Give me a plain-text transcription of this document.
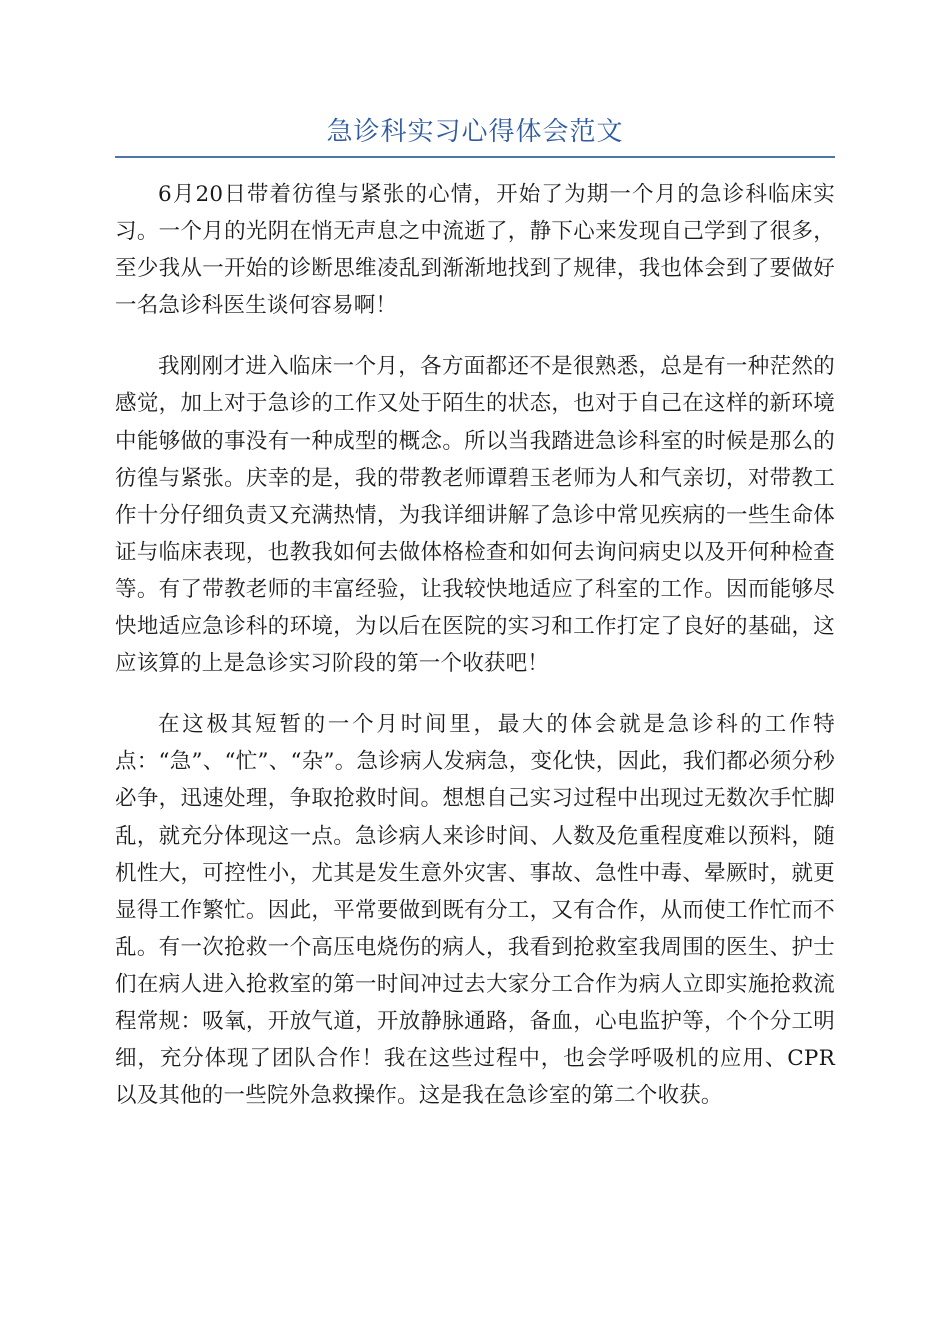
急诊科实习心得体会范文

6月20日带着彷徨与紧张的心情，开始了为期一个月的急诊科临床实习。一个月的光阴在悄无声息之中流逝了，静下心来发现自己学到了很多，至少我从一开始的诊断思维凌乱到渐渐地找到了规律，我也体会到了要做好一名急诊科医生谈何容易啊！

我刚刚才进入临床一个月，各方面都还不是很熟悉，总是有一种茫然的感觉，加上对于急诊的工作又处于陌生的状态，也对于自己在这样的新环境中能够做的事没有一种成型的概念。所以当我踏进急诊科室的时候是那么的彷徨与紧张。庆幸的是，我的带教老师谭碧玉老师为人和气亲切，对带教工作十分仔细负责又充满热情，为我详细讲解了急诊中常见疾病的一些生命体证与临床表现，也教我如何去做体格检查和如何去询问病史以及开何种检查等。有了带教老师的丰富经验，让我较快地适应了科室的工作。因而能够尽快地适应急诊科的环境，为以后在医院的实习和工作打定了良好的基础，这应该算的上是急诊实习阶段的第一个收获吧！

在这极其短暂的一个月时间里，最大的体会就是急诊科的工作特点：“急”、“忙”、“杂”。急诊病人发病急，变化快，因此，我们都必须分秒必争，迅速处理，争取抢救时间。想想自己实习过程中出现过无数次手忙脚乱，就充分体现这一点。急诊病人来诊时间、人数及危重程度难以预料，随机性大，可控性小，尤其是发生意外灾害、事故、急性中毒、晕厥时，就更显得工作繁忙。因此，平常要做到既有分工，又有合作，从而使工作忙而不乱。有一次抢救一个高压电烧伤的病人，我看到抢救室我周围的医生、护士们在病人进入抢救室的第一时间冲过去大家分工合作为病人立即实施抢救流程常规：吸氧，开放气道，开放静脉通路，备血，心电监护等，个个分工明细，充分体现了团队合作！我在这些过程中，也会学呼吸机的应用、CPR以及其他的一些院外急救操作。这是我在急诊室的第二个收获。
